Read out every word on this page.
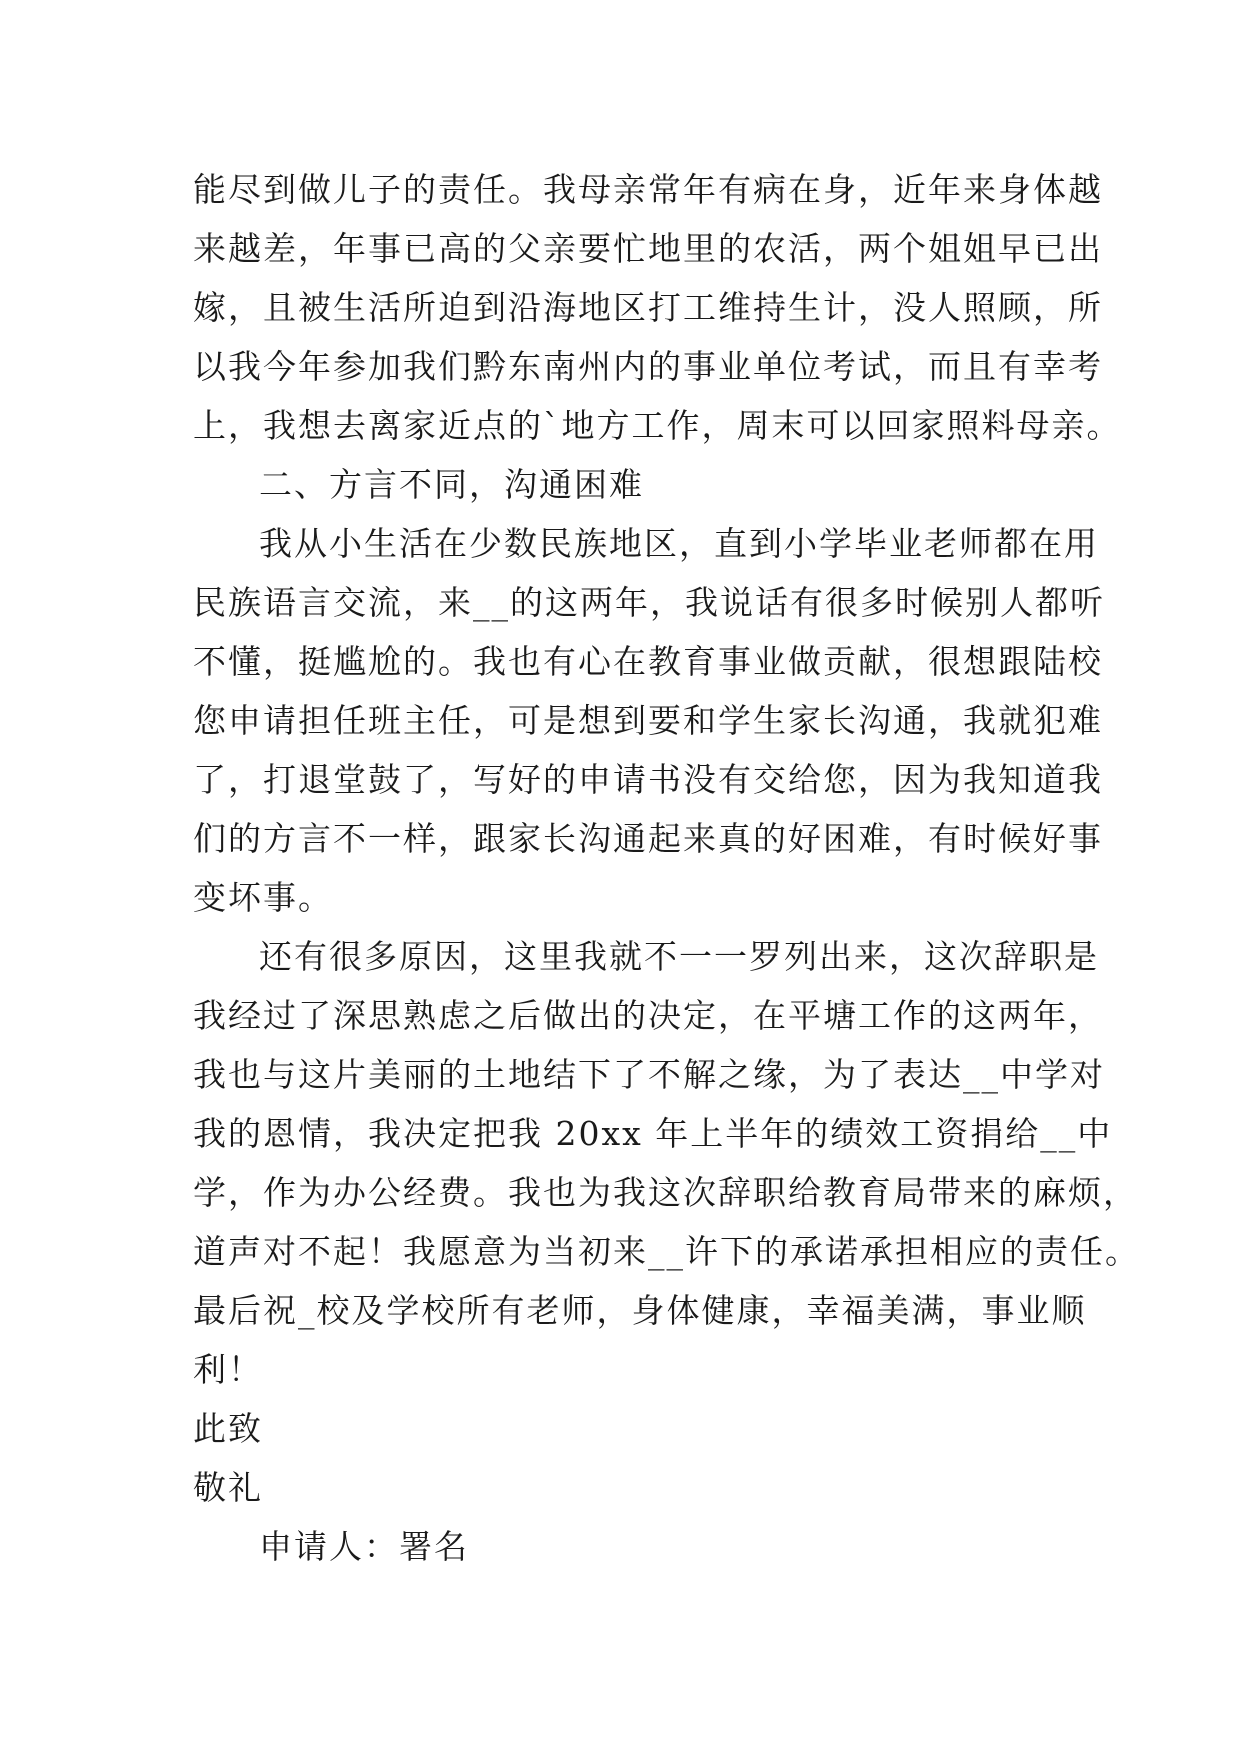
能尽到做儿子的责任。我母亲常年有病在身，近年来身体越
来越差，年事已高的父亲要忙地里的农活，两个姐姐早已出
嫁，且被生活所迫到沿海地区打工维持生计，没人照顾，所
以我今年参加我们黔东南州内的事业单位考试，而且有幸考
上，我想去离家近点的`地方工作，周末可以回家照料母亲。
二、方言不同，沟通困难
我从小生活在少数民族地区，直到小学毕业老师都在用
民族语言交流，来__的这两年，我说话有很多时候别人都听
不懂，挺尴尬的。我也有心在教育事业做贡献，很想跟陆校
您申请担任班主任，可是想到要和学生家长沟通，我就犯难
了，打退堂鼓了，写好的申请书没有交给您，因为我知道我
们的方言不一样，跟家长沟通起来真的好困难，有时候好事
变坏事。
还有很多原因，这里我就不一一罗列出来，这次辞职是
我经过了深思熟虑之后做出的决定，在平塘工作的这两年，
我也与这片美丽的土地结下了不解之缘，为了表达__中学对
我的恩情，我决定把我 20xx 年上半年的绩效工资捐给__中
学，作为办公经费。我也为我这次辞职给教育局带来的麻烦，
道声对不起！我愿意为当初来__许下的承诺承担相应的责任。
最后祝_校及学校所有老师，身体健康，幸福美满，事业顺
利！
此致
敬礼
申请人：署名
